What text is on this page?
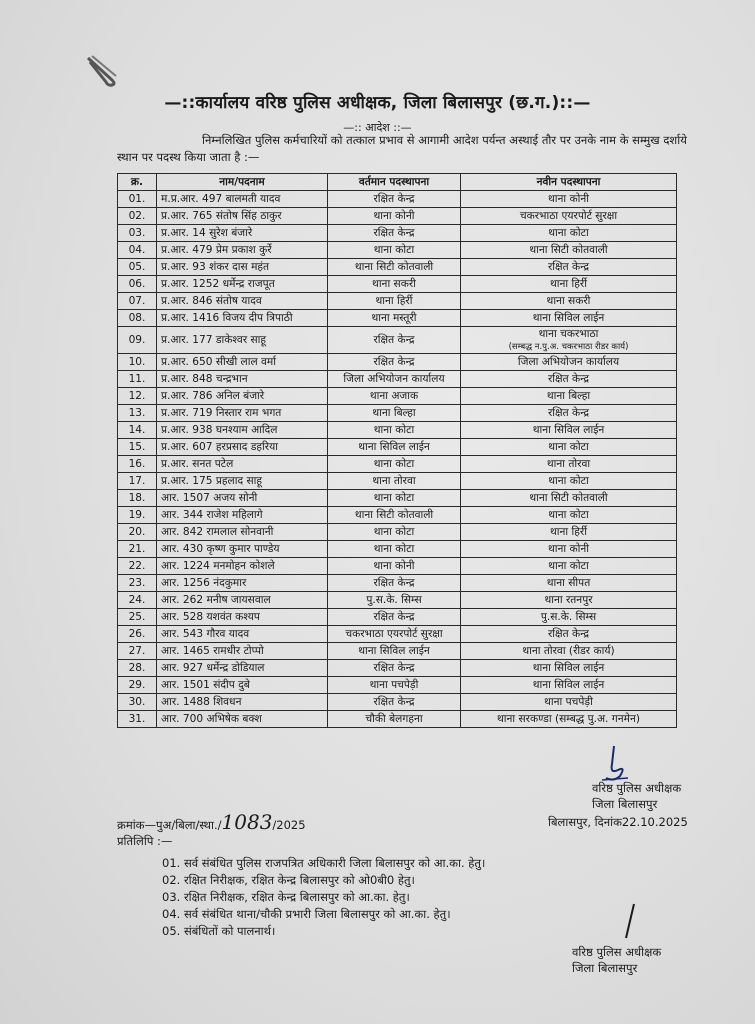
—::कार्यालय वरिष्ठ पुलिस अधीक्षक, जिला बिलासपुर (छ.ग.)::—
—:: आदेश ::—
निम्नलिखित पुलिस कर्मचारियों को तत्काल प्रभाव से आगामी आदेश पर्यन्त अस्थाई तौर पर उनके नाम के सम्मुख दर्शाये स्थान पर पदस्थ किया जाता है :—
क्र.	नाम/पदनाम	वर्तमान पदस्थापना	नवीन पदस्थापना
01.	म.प्र.आर. 497 बालमती यादव	रक्षित केन्द्र	थाना कोनी
02.	प्र.आर. 765 संतोष सिंह ठाकुर	थाना कोनी	चकरभाठा एयरपोर्ट सुरक्षा
03.	प्र.आर. 14 सुरेश बंजारे	रक्षित केन्द्र	थाना कोटा
04.	प्र.आर. 479 प्रेम प्रकाश कुर्रे	थाना कोटा	थाना सिटी कोतवाली
05.	प्र.आर. 93 शंकर दास महंत	थाना सिटी कोतवाली	रक्षित केन्द्र
06.	प्र.आर. 1252 धर्मेन्द्र राजपूत	थाना सकरी	थाना हिर्री
07.	प्र.आर. 846 संतोष यादव	थाना हिर्री	थाना सकरी
08.	प्र.आर. 1416 विजय दीप त्रिपाठी	थाना मस्तूरी	थाना सिविल लाईन
09.	प्र.आर. 177 डाकेश्वर साहू	रक्षित केन्द्र	थाना चकरभाठा
(सम्बद्ध न.पु.अ. चकरभाठा रीडर कार्य)

10.	प्र.आर. 650 सीखी लाल वर्मा	रक्षित केन्द्र	जिला अभियोजन कार्यालय
11.	प्र.आर. 848 चन्द्रभान	जिला अभियोजन कार्यालय	रक्षित केन्द्र
12.	प्र.आर. 786 अनिल बंजारे	थाना अजाक	थाना बिल्हा
13.	प्र.आर. 719 निस्तार राम भगत	थाना बिल्हा	रक्षित केन्द्र
14.	प्र.आर. 938 घनश्याम आदिल	थाना कोटा	थाना सिविल लाईन
15.	प्र.आर. 607 हरप्रसाद डहरिया	थाना सिविल लाईन	थाना कोटा
16.	प्र.आर. सनत पटेल	थाना कोटा	थाना तोरवा
17.	प्र.आर. 175 प्रहलाद साहू	थाना तोरवा	थाना कोटा
18.	आर. 1507 अजय सोनी	थाना कोटा	थाना सिटी कोतवाली
19.	आर. 344 राजेश महिलागे	थाना सिटी कोतवाली	थाना कोटा
20.	आर. 842 रामलाल सोनवानी	थाना कोटा	थाना हिर्री
21.	आर. 430 कृष्ण कुमार पाण्डेय	थाना कोटा	थाना कोनी
22.	आर. 1224 मनमोहन कोशले	थाना कोनी	थाना कोटा
23.	आर. 1256 नंदकुमार	रक्षित केन्द्र	थाना सीपत
24.	आर. 262 मनीष जायसवाल	पु.स.के. सिम्स	थाना रतनपुर
25.	आर. 528 यशवंत कश्यप	रक्षित केन्द्र	पु.स.के. सिम्स
26.	आर. 543 गौरव यादव	चकरभाठा एयरपोर्ट सुरक्षा	रक्षित केन्द्र
27.	आर. 1465 रामधीर टोप्पो	थाना सिविल लाईन	थाना तोरवा (रीडर कार्य)
28.	आर. 927 धर्मेन्द्र डोडियाल	रक्षित केन्द्र	थाना सिविल लाईन
29.	आर. 1501 संदीप दुबे	थाना पचपेड़ी	थाना सिविल लाईन
30.	आर. 1488 शिवधन	रक्षित केन्द्र	थाना पचपेड़ी
31.	आर. 700 अभिषेक बक्श	चौकी बेलगहना	थाना सरकण्डा (सम्बद्ध पु.अ. गनमेन)
वरिष्ठ पुलिस अधीक्षक
जिला बिलासपुर
बिलासपुर, दिनांक22.10.2025
क्रमांक—पुअ/बिला/स्था./1083/2025
प्रतिलिपि :—
01. सर्व संबंधित पुलिस राजपत्रित अधिकारी जिला बिलासपुर को आ.का. हेतु।
02. रक्षित निरीक्षक, रक्षित केन्द्र बिलासपुर को ओ0बी0 हेतु।
03. रक्षित निरीक्षक, रक्षित केन्द्र बिलासपुर को आ.का. हेतु।
04. सर्व संबंधित थाना/चौकी प्रभारी जिला बिलासपुर को आ.का. हेतु।
05. संबंधितों को पालनार्थ।
वरिष्ठ पुलिस अधीक्षक
जिला बिलासपुर
